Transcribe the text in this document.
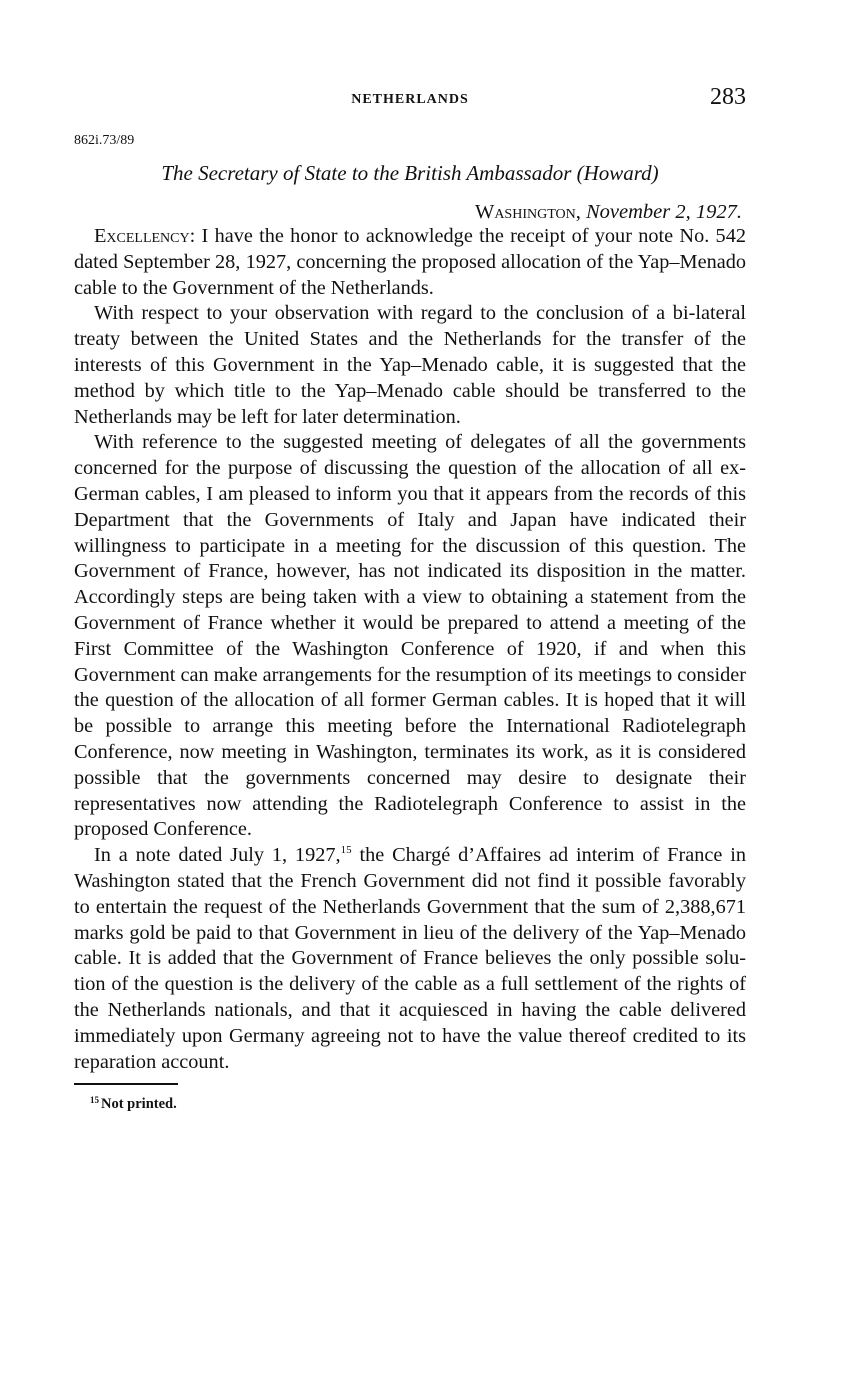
NETHERLANDS	283
862i.73/89
The Secretary of State to the British Ambassador (Howard)
Washington, November 2, 1927.

Excellency: I have the honor to acknowledge the receipt of your note No. 542 dated September 28, 1927, concerning the proposed allocation of the Yap–Menado cable to the Government of the Netherlands.

With respect to your observation with regard to the conclusion of a bi-lateral treaty between the United States and the Netherlands for the transfer of the interests of this Government in the Yap–Menado cable, it is suggested that the method by which title to the Yap–Menado cable should be transferred to the Netherlands may be left for later determination.

With reference to the suggested meeting of delegates of all the governments concerned for the purpose of discussing the question of the allocation of all ex-German cables, I am pleased to inform you that it appears from the records of this Department that the Governments of Italy and Japan have indicated their willingness to participate in a meeting for the discussion of this question. The Government of France, however, has not indicated its disposition in the matter. Accordingly steps are being taken with a view to obtaining a statement from the Government of France whether it would be prepared to attend a meeting of the First Committee of the Washington Conference of 1920, if and when this Government can make arrangements for the resumption of its meetings to consider the question of the allocation of all former German cables. It is hoped that it will be possible to arrange this meeting before the International Radiotelegraph Conference, now meeting in Washington, terminates its work, as it is considered possible that the governments concerned may desire to designate their representatives now attending the Radiotelegraph Conference to assist in the proposed Conference.

In a note dated July 1, 1927,15 the Chargé d’Affaires ad interim of France in Washington stated that the French Government did not find it possible favorably to entertain the request of the Netherlands Government that the sum of 2,388,671 marks gold be paid to that Government in lieu of the delivery of the Yap–Menado cable. It is added that the Government of France believes the only possible solution of the question is the delivery of the cable as a full settlement of the rights of the Netherlands nationals, and that it acquiesced in having the cable delivered immediately upon Germany agreeing not to have the value thereof credited to its reparation account.

$^{15}$ Not printed.
